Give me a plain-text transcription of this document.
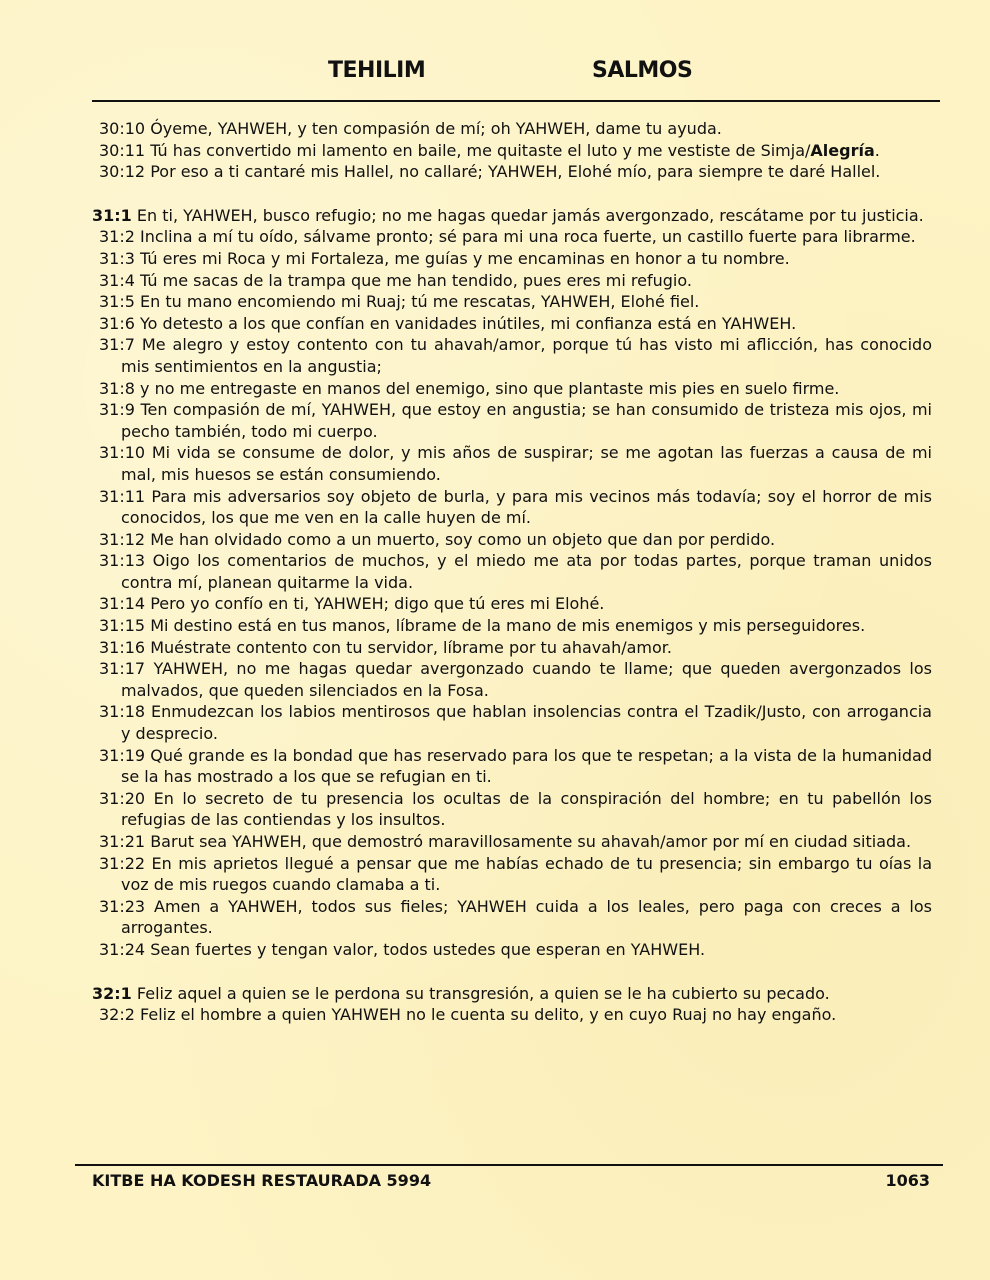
TEHILIM	SALMOS
30:10 Óyeme, YAHWEH, y ten compasión de mí; oh YAHWEH, dame tu ayuda.
30:11 Tú has convertido mi lamento en baile, me quitaste el luto y me vestiste de Simja/Alegría.
30:12 Por eso a ti cantaré mis Hallel, no callaré; YAHWEH, Elohé mío, para siempre te daré Hallel.
31:1 En ti, YAHWEH, busco refugio; no me hagas quedar jamás avergonzado, rescátame por tu justicia.
31:2 Inclina a mí tu oído, sálvame pronto; sé para mi una roca fuerte, un castillo fuerte para librarme.
31:3 Tú eres mi Roca y mi Fortaleza, me guías y me encaminas en honor a tu nombre.
31:4 Tú me sacas de la trampa que me han tendido, pues eres mi refugio.
31:5 En tu mano encomiendo mi Ruaj; tú me rescatas, YAHWEH, Elohé fiel.
31:6 Yo detesto a los que confían en vanidades inútiles, mi confianza está en YAHWEH.
31:7 Me alegro y estoy contento con tu ahavah/amor, porque tú has visto mi aflicción, has conocido mis sentimientos en la angustia;
31:8 y no me entregaste en manos del enemigo, sino que plantaste mis pies en suelo firme.
31:9 Ten compasión de mí, YAHWEH, que estoy en angustia; se han consumido de tristeza mis ojos, mi pecho también, todo mi cuerpo.
31:10 Mi vida se consume de dolor, y mis años de suspirar; se me agotan las fuerzas a causa de mi mal, mis huesos se están consumiendo.
31:11 Para mis adversarios soy objeto de burla, y para mis vecinos más todavía; soy el horror de mis conocidos, los que me ven en la calle huyen de mí.
31:12 Me han olvidado como a un muerto, soy como un objeto que dan por perdido.
31:13 Oigo los comentarios de muchos, y el miedo me ata por todas partes, porque traman unidos contra mí, planean quitarme la vida.
31:14 Pero yo confío en ti, YAHWEH; digo que tú eres mi Elohé.
31:15 Mi destino está en tus manos, líbrame de la mano de mis enemigos y mis perseguidores.
31:16 Muéstrate contento con tu servidor, líbrame por tu ahavah/amor.
31:17 YAHWEH, no me hagas quedar avergonzado cuando te llame; que queden avergonzados los malvados, que queden silenciados en la Fosa.
31:18 Enmudezcan los labios mentirosos que hablan insolencias contra el Tzadik/Justo, con arrogancia y desprecio.
31:19 Qué grande es la bondad que has reservado para los que te respetan; a la vista de la humanidad se la has mostrado a los que se refugian en ti.
31:20 En lo secreto de tu presencia los ocultas de la conspiración del hombre; en tu pabellón los refugias de las contiendas y los insultos.
31:21 Barut sea YAHWEH, que demostró maravillosamente su ahavah/amor por mí en ciudad sitiada.
31:22 En mis aprietos llegué a pensar que me habías echado de tu presencia; sin embargo tu oías la voz de mis ruegos cuando clamaba a ti.
31:23 Amen a YAHWEH, todos sus fieles; YAHWEH cuida a los leales, pero paga con creces a los arrogantes.
31:24 Sean fuertes y tengan valor, todos ustedes que esperan en YAHWEH.
32:1 Feliz aquel a quien se le perdona su transgresión, a quien se le ha cubierto su pecado.
32:2 Feliz el hombre a quien YAHWEH no le cuenta su delito, y en cuyo Ruaj no hay engaño.
KITBE HA KODESH RESTAURADA 5994	1063
